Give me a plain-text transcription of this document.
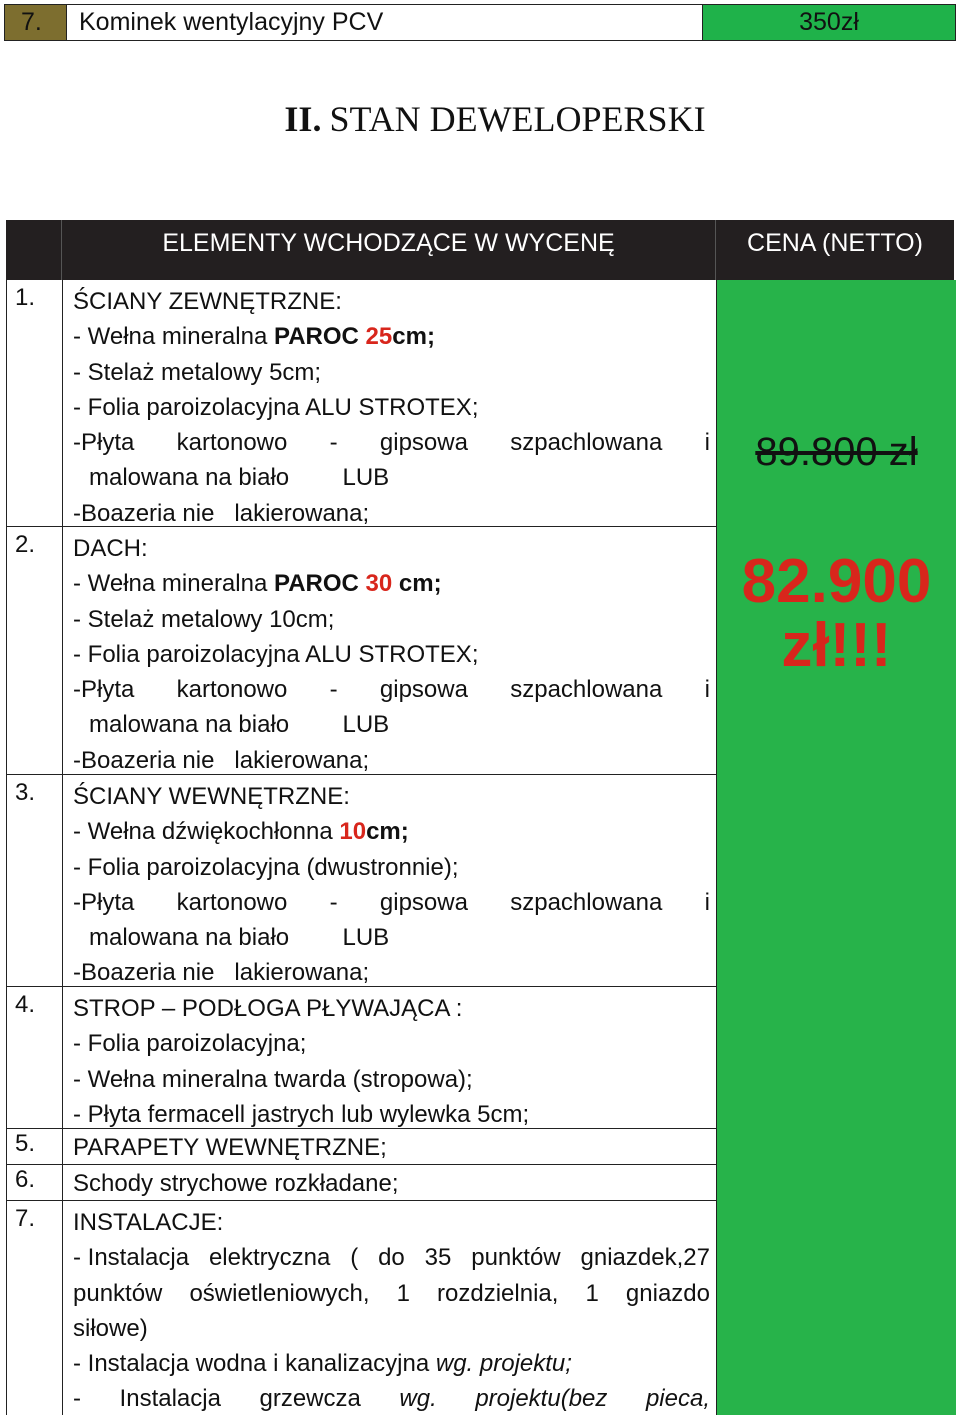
7.	Kominek wentylacyjny PCV	350zł
II. STAN DEWELOPERSKI
ELEMENTY WCHODZĄCE W WYCENĘ	CENA (NETTO)
1. ŚCIANY ZEWNĘTRZNE:
- Wełna mineralna PAROC 25cm;
- Stelaż metalowy 5cm;
- Folia paroizolacyjna ALU STROTEX;
-Płyta kartonowo - gipsowa szpachlowana i
malowana na biało        LUB
-Boazeria nie   lakierowana;
2. DACH:
- Wełna mineralna PAROC 30 cm;
- Stelaż metalowy 10cm;
- Folia paroizolacyjna ALU STROTEX;
-Płyta kartonowo - gipsowa szpachlowana i
malowana na biało        LUB
-Boazeria nie   lakierowana;
3. ŚCIANY WEWNĘTRZNE:
- Wełna dźwiękochłonna 10cm;
- Folia paroizolacyjna (dwustronnie);
-Płyta kartonowo - gipsowa szpachlowana i
malowana na biało        LUB
-Boazeria nie   lakierowana;
4. STROP – PODŁOGA PŁYWAJĄCA :
- Folia paroizolacyjna;
- Wełna mineralna twarda (stropowa);
- Płyta fermacell jastrych lub wylewka 5cm;
5. PARAPETY WEWNĘTRZNE;
6. Schody strychowe rozkładane;
7. INSTALACJE:
- Instalacja elektryczna ( do 35 punktów gniazdek,27
punktów oświetleniowych, 1 rozdzielnia, 1 gniazdo
siłowe)
- Instalacja wodna i kanalizacyjna wg. projektu;
- Instalacja grzewcza wg. projektu(bez pieca,
89.800 zł
82.900
zł!!!
